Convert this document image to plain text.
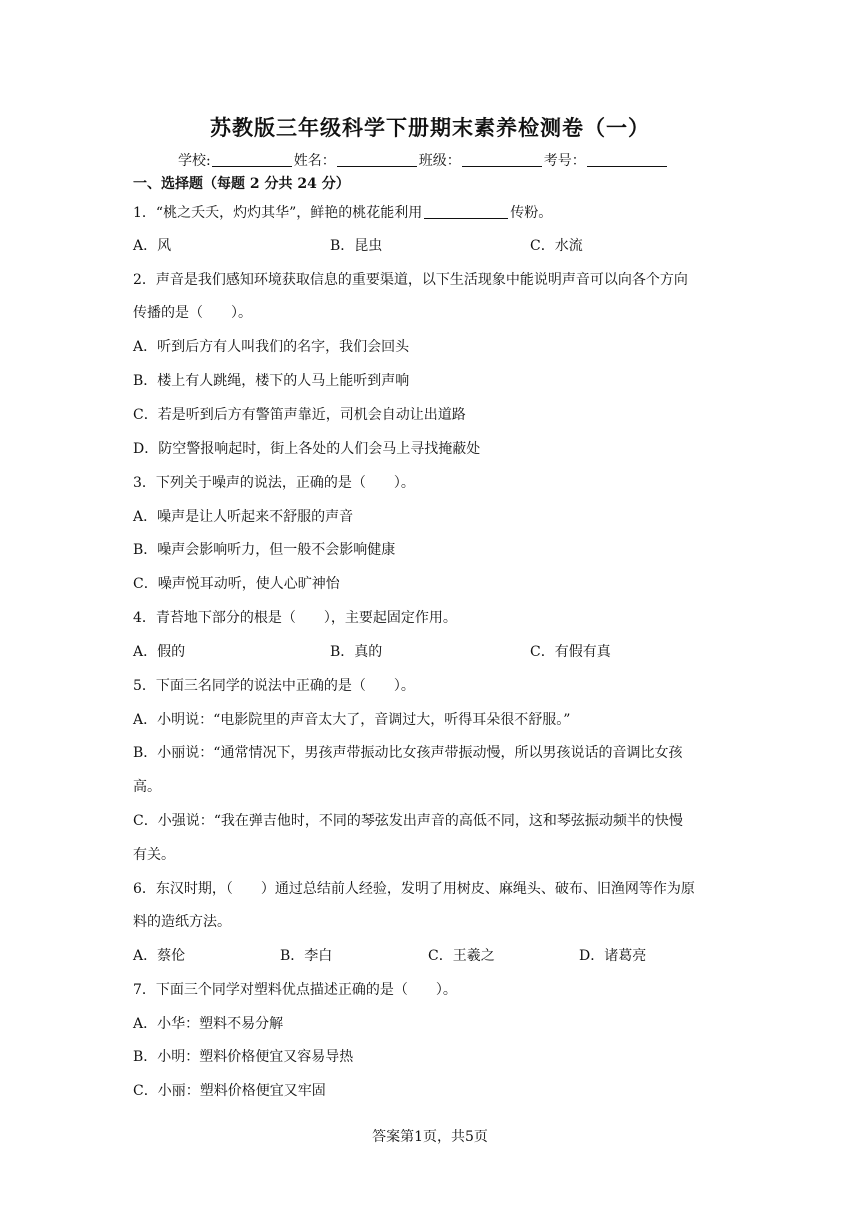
苏教版三年级科学下册期末素养检测卷（一）
学校:	姓名：	班级：	考号：
一、选择题（每题 2 分共 24 分）
1．“桃之夭夭，灼灼其华”，鲜艳的桃花能利用	传粉。
A．风	B．昆虫	C．水流
2．声音是我们感知环境获取信息的重要渠道，以下生活现象中能说明声音可以向各个方向
传播的是（　　）。
A．听到后方有人叫我们的名字，我们会回头
B．楼上有人跳绳，楼下的人马上能听到声响
C．若是听到后方有警笛声靠近，司机会自动让出道路
D．防空警报响起时，街上各处的人们会马上寻找掩蔽处
3．下列关于噪声的说法，正确的是（　　）。
A．噪声是让人听起来不舒服的声音
B．噪声会影响听力，但一般不会影响健康
C．噪声悦耳动听，使人心旷神怡
4．青苔地下部分的根是（　　），主要起固定作用。
A．假的	B．真的	C．有假有真
5．下面三名同学的说法中正确的是（　　）。
A．小明说：“电影院里的声音太大了，音调过大，听得耳朵很不舒服。”
B．小丽说：“通常情况下，男孩声带振动比女孩声带振动慢，所以男孩说话的音调比女孩
高。
C．小强说：“我在弹吉他时，不同的琴弦发出声音的高低不同，这和琴弦振动频半的快慢
有关。
6．东汉时期，（　　）通过总结前人经验，发明了用树皮、麻绳头、破布、旧渔网等作为原
料的造纸方法。
A．蔡伦	B．李白	C．王羲之	D．诸葛亮
7．下面三个同学对塑料优点描述正确的是（　　）。
A．小华：塑料不易分解
B．小明：塑料价格便宜又容易导热
C．小丽：塑料价格便宜又牢固
答案第1页，共5页
